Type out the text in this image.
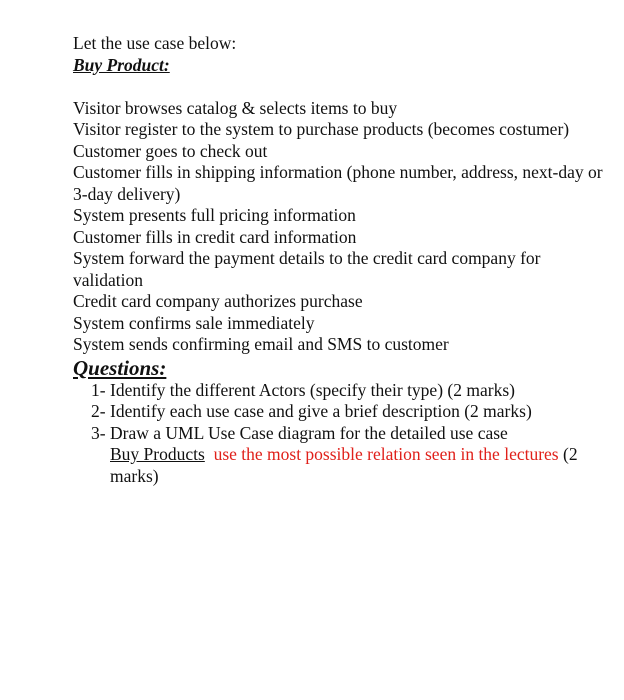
Let the use case below:

Buy Product:

Visitor browses catalog & selects items to buy
Visitor register to the system to purchase products (becomes costumer)
Customer goes to check out
Customer fills in shipping information (phone number, address, next-day or 3-day delivery)
System presents full pricing information
Customer fills in credit card information
System forward the payment details to the credit card company for validation
Credit card company authorizes purchase
System confirms sale immediately
System sends confirming email and SMS to customer

Questions:

1- Identify the different Actors (specify their type) (2 marks)
2- Identify each use case and give a brief description (2 marks)
3- Draw a UML Use Case diagram for the detailed use case
Buy Products use the most possible relation seen in the lectures (2 marks)
